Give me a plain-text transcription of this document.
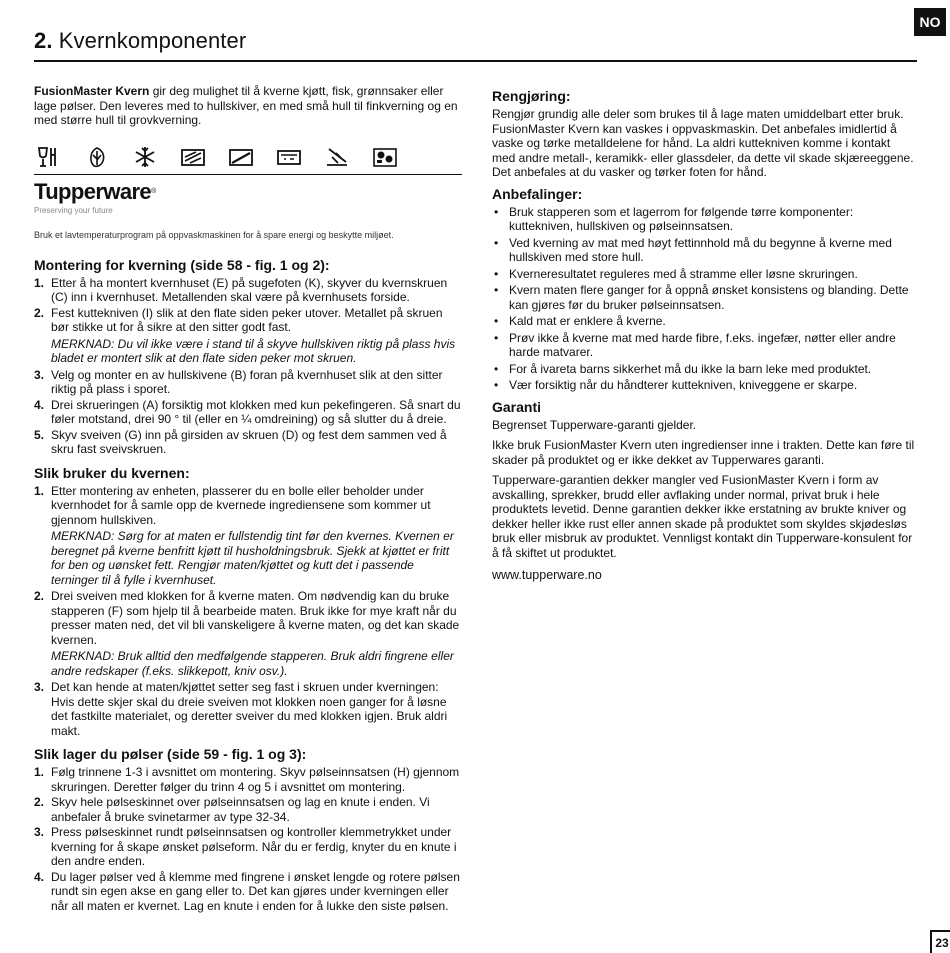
NO
2. Kvernkomponenter

FusionMaster Kvern gir deg mulighet til å kverne kjøtt, fisk, grønnsaker eller lage pølser. Den leveres med to hullskiver, en med små hull til finkverning og en med større hull til grovkverning.

Tupperware®
Preserving your future
Bruk et lavtemperaturprogram på oppvaskmaskinen for å spare energi og beskytte miljøet.
Montering for kverning (side 58 - fig. 1 og 2):
1. Etter å ha montert kvernhuset (E) på sugefoten (K), skyver du kvernskruen (C) inn i kvernhuset. Metallenden skal være på kvernhusets forside.
2. Fest kuttekniven (I) slik at den flate siden peker utover. Metallet på skruen bør stikke ut for å sikre at den sitter godt fast.
MERKNAD: Du vil ikke være i stand til å skyve hullskiven riktig på plass hvis bladet er montert slik at den flate siden peker mot skruen.
3. Velg og monter en av hullskivene (B) foran på kvernhuset slik at den sitter riktig på plass i sporet.
4. Drei skrueringen (A) forsiktig mot klokken med kun pekefingeren. Så snart du føler motstand, drei 90 ° til (eller en ¼ omdreining) og så slutter du å dreie.
5. Skyv sveiven (G) inn på girsiden av skruen (D) og fest dem sammen ved å skru fast sveivskruen.
Slik bruker du kvernen:
1. Etter montering av enheten, plasserer du en bolle eller beholder under kvernhodet for å samle opp de kvernede ingrediensene som kommer ut gjennom hullskiven.
MERKNAD: Sørg for at maten er fullstendig tint før den kvernes. Kvernen er beregnet på kverne benfritt kjøtt til husholdningsbruk. Sjekk at kjøttet er fritt for ben og uønsket fett. Rengjør maten/kjøttet og kutt det i passende terninger til å fylle i kvernhuset.
2. Drei sveiven med klokken for å kverne maten. Om nødvendig kan du bruke stapperen (F) som hjelp til å bearbeide maten. Bruk ikke for mye kraft når du presser maten ned, det vil bli vanskeligere å kverne maten, og det kan skade kvernen.
MERKNAD: Bruk alltid den medfølgende stapperen. Bruk aldri fingrene eller andre redskaper (f.eks. slikkepott, kniv osv.).
3. Det kan hende at maten/kjøttet setter seg fast i skruen under kverningen: Hvis dette skjer skal du dreie sveiven mot klokken noen ganger for å løsne det fastkilte materialet, og deretter sveiver du med klokken igjen. Bruk aldri makt.
Slik lager du pølser (side 59 - fig. 1 og 3):
1. Følg trinnene 1-3 i avsnittet om montering. Skyv pølseinnsatsen (H) gjennom skruringen. Deretter følger du trinn 4 og 5 i avsnittet om montering.
2. Skyv hele pølseskinnet over pølseinnsatsen og lag en knute i enden. Vi anbefaler å bruke svinetarmer av type 32-34.
3. Press pølseskinnet rundt pølseinnsatsen og kontroller klemmetrykket under kverning for å skape ønsket pølseform. Når du er ferdig, knyter du en knute i den andre enden.
4. Du lager pølser ved å klemme med fingrene i ønsket lengde og rotere pølsen rundt sin egen akse en gang eller to. Det kan gjøres under kverningen eller når all maten er kvernet. Lag en knute i enden for å lukke den siste pølsen.
Rengjøring:

Rengjør grundig alle deler som brukes til å lage maten umiddelbart etter bruk. FusionMaster Kvern kan vaskes i oppvaskmaskin. Det anbefales imidlertid å vaske og tørke metalldelene for hånd. La aldri kuttekniven komme i kontakt med andre metall-, keramikk- eller glassdeler, da dette vil skade skjæreeggene. Det anbefales at du vasker og tørker foten for hånd.

Anbefalinger:
• Bruk stapperen som et lagerrom for følgende tørre komponenter: kuttekniven, hullskiven og pølseinnsatsen.
• Ved kverning av mat med høyt fettinnhold må du begynne å kverne med hullskiven med store hull.
• Kverneresultatet reguleres med å stramme eller løsne skruringen.
• Kvern maten flere ganger for å oppnå ønsket konsistens og blanding. Dette kan gjøres før du bruker pølseinnsatsen.
• Kald mat er enklere å kverne.
• Prøv ikke å kverne mat med harde fibre, f.eks. ingefær, nøtter eller andre harde matvarer.
• For å ivareta barns sikkerhet må du ikke la barn leke med produktet.
• Vær forsiktig når du håndterer kuttekniven, kniveggene er skarpe.
Garanti

Begrenset Tupperware-garanti gjelder.

Ikke bruk FusionMaster Kvern uten ingredienser inne i trakten. Dette kan føre til skader på produktet og er ikke dekket av Tupperwares garanti.

Tupperware-garantien dekker mangler ved FusionMaster Kvern i form av avskalling, sprekker, brudd eller avflaking under normal, privat bruk i hele produktets levetid. Denne garantien dekker ikke erstatning av brukte kniver og dekker heller ikke rust eller annen skade på produktet som skyldes skjødesløs bruk eller misbruk av produktet. Vennligst kontakt din Tupperware-konsulent for å få skiftet ut produktet.

www.tupperware.no

23
